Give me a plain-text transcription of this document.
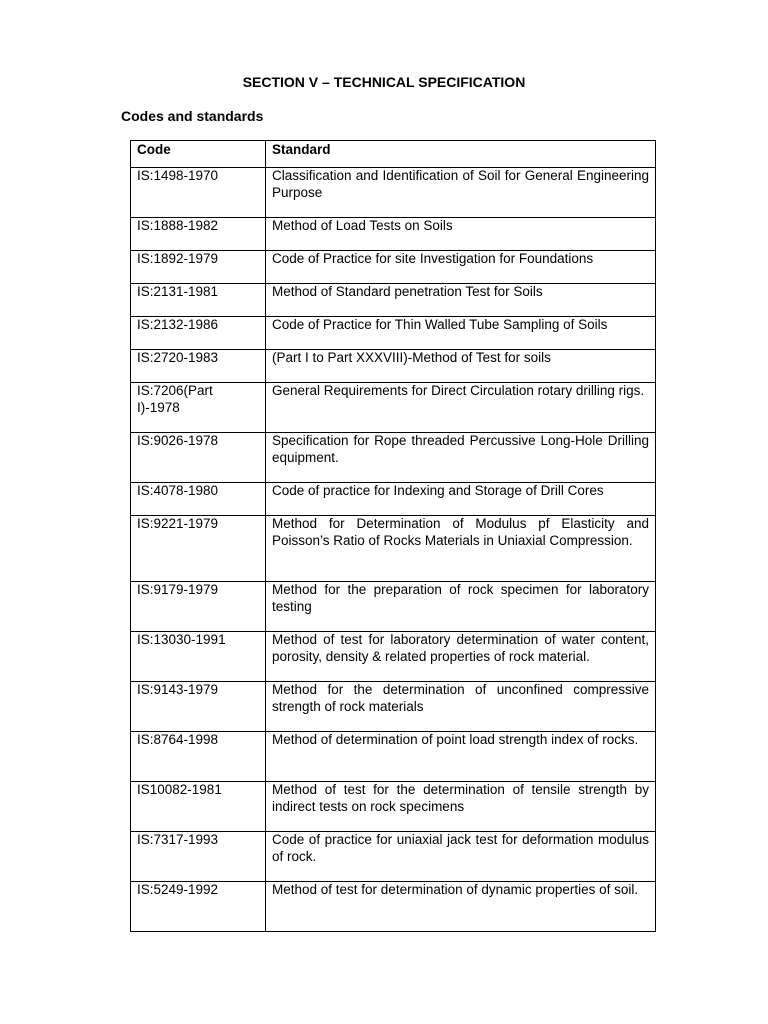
SECTION V – TECHNICAL SPECIFICATION
Codes and standards
Code	Standard
IS:1498-1970	Classification and Identification of Soil for General Engineering Purpose
IS:1888-1982	Method of Load Tests on Soils
IS:1892-1979	Code of Practice for site Investigation for Foundations
IS:2131-1981	Method of Standard penetration Test for Soils
IS:2132-1986	Code of Practice for Thin Walled Tube Sampling of Soils
IS:2720-1983	(Part I to Part XXXVIII)-Method of Test for soils
IS:7206(Part I)-1978	General Requirements for Direct Circulation rotary drilling rigs.
IS:9026-1978	Specification for Rope threaded Percussive Long-Hole Drilling equipment.
IS:4078-1980	Code of practice for Indexing and Storage of Drill Cores
IS:9221-1979	Method for Determination of Modulus pf Elasticity and Poisson’s Ratio of Rocks Materials in Uniaxial Compression.
IS:9179-1979	Method for the preparation of rock specimen for laboratory testing
IS:13030-1991	Method of test for laboratory determination of water content, porosity, density & related properties of rock material.
IS:9143-1979	Method for the determination of unconfined compressive strength of rock materials
IS:8764-1998	Method of determination of point load strength index of rocks.
IS10082-1981	Method of test for the determination of tensile strength by indirect tests on rock specimens
IS:7317-1993	Code of practice for uniaxial jack test for deformation modulus of rock.
IS:5249-1992	Method of test for determination of dynamic properties of soil.
